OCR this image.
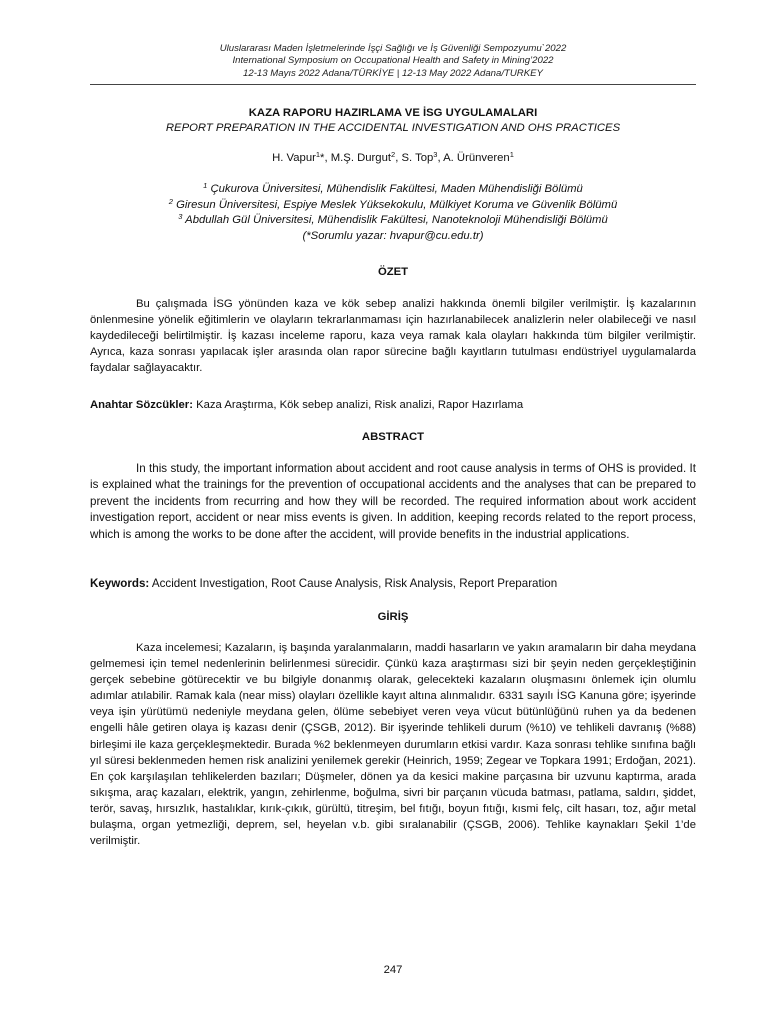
Uluslararası Maden İşletmelerinde İşçi Sağlığı ve İş Güvenliği Sempozyumu`2022
International Symposium on Occupational Health and Safety in Mining’2022
12-13 Mayıs 2022 Adana/TÜRKİYE | 12-13 May 2022 Adana/TURKEY
KAZA RAPORU HAZIRLAMA VE İSG UYGULAMALARI
REPORT PREPARATION IN THE ACCIDENTAL INVESTIGATION AND OHS PRACTICES
H. Vapur$^1$*, M.Ş. Durgut$^2$, S. Top$^3$, A. Ürünveren$^1$
$^1$ Çukurova Üniversitesi, Mühendislik Fakültesi, Maden Mühendisliği Bölümü
$^2$ Giresun Üniversitesi, Espiye Meslek Yüksekokulu, Mülkiyet Koruma ve Güvenlik Bölümü
$^3$ Abdullah Gül Üniversitesi, Mühendislik Fakültesi, Nanoteknoloji Mühendisliği Bölümü
(*Sorumlu yazar: hvapur@cu.edu.tr)
ÖZET

Bu çalışmada İSG yönünden kaza ve kök sebep analizi hakkında önemli bilgiler verilmiştir. İş kazalarının önlenmesine yönelik eğitimlerin ve olayların tekrarlanmaması için hazırlanabilecek analizlerin neler olabileceği ve nasıl kaydedileceği belirtilmiştir. İş kazası inceleme raporu, kaza veya ramak kala olayları hakkında tüm bilgiler verilmiştir. Ayrıca, kaza sonrası yapılacak işler arasında olan rapor sürecine bağlı kayıtların tutulması endüstriyel uygulamalarda faydalar sağlayacaktır.

Anahtar Sözcükler: Kaza Araştırma, Kök sebep analizi, Risk analizi, Rapor Hazırlama
ABSTRACT

In this study, the important information about accident and root cause analysis in terms of OHS is provided. It is explained what the trainings for the prevention of occupational accidents and the analyses that can be prepared to prevent the incidents from recurring and how they will be recorded. The required information about work accident investigation report, accident or near miss events is given. In addition, keeping records related to the report process, which is among the works to be done after the accident, will provide benefits in the industrial applications.

Keywords: Accident Investigation, Root Cause Analysis, Risk Analysis, Report Preparation
GİRİŞ

Kaza incelemesi; Kazaların, iş başında yaralanmaların, maddi hasarların ve yakın aramaların bir daha meydana gelmemesi için temel nedenlerinin belirlenmesi sürecidir. Çünkü kaza araştırması sizi bir şeyin neden gerçekleştiğinin gerçek sebebine götürecektir ve bu bilgiyle donanmış olarak, gelecekteki kazaların oluşmasını önlemek için olumlu adımlar atılabilir. Ramak kala (near miss) olayları özellikle kayıt altına alınmalıdır. 6331 sayılı İSG Kanuna göre; işyerinde veya işin yürütümü nedeniyle meydana gelen, ölüme sebebiyet veren veya vücut bütünlüğünü ruhen ya da bedenen engelli hâle getiren olaya iş kazası denir (ÇSGB, 2012). Bir işyerinde tehlikeli durum (%10) ve tehlikeli davranış (%88) birleşimi ile kaza gerçekleşmektedir. Burada %2 beklenmeyen durumların etkisi vardır. Kaza sonrası tehlike sınıfına bağlı yıl süresi beklenmeden hemen risk analizini yenilemek gerekir (Heinrich, 1959; Zegear ve Topkara 1991; Erdoğan, 2021). En çok karşılaşılan tehlikelerden bazıları; Düşmeler, dönen ya da kesici makine parçasına bir uzvunu kaptırma, arada sıkışma, araç kazaları, elektrik, yangın, zehirlenme, boğulma, sivri bir parçanın vücuda batması, patlama, saldırı, şiddet, terör, savaş, hırsızlık, hastalıklar, kırık-çıkık, gürültü, titreşim, bel fıtığı, boyun fıtığı, kısmi felç, cilt hasarı, toz, ağır metal bulaşma, organ yetmezliği, deprem, sel, heyelan v.b. gibi sıralanabilir (ÇSGB, 2006). Tehlike kaynakları Şekil 1’de verilmiştir.

247
